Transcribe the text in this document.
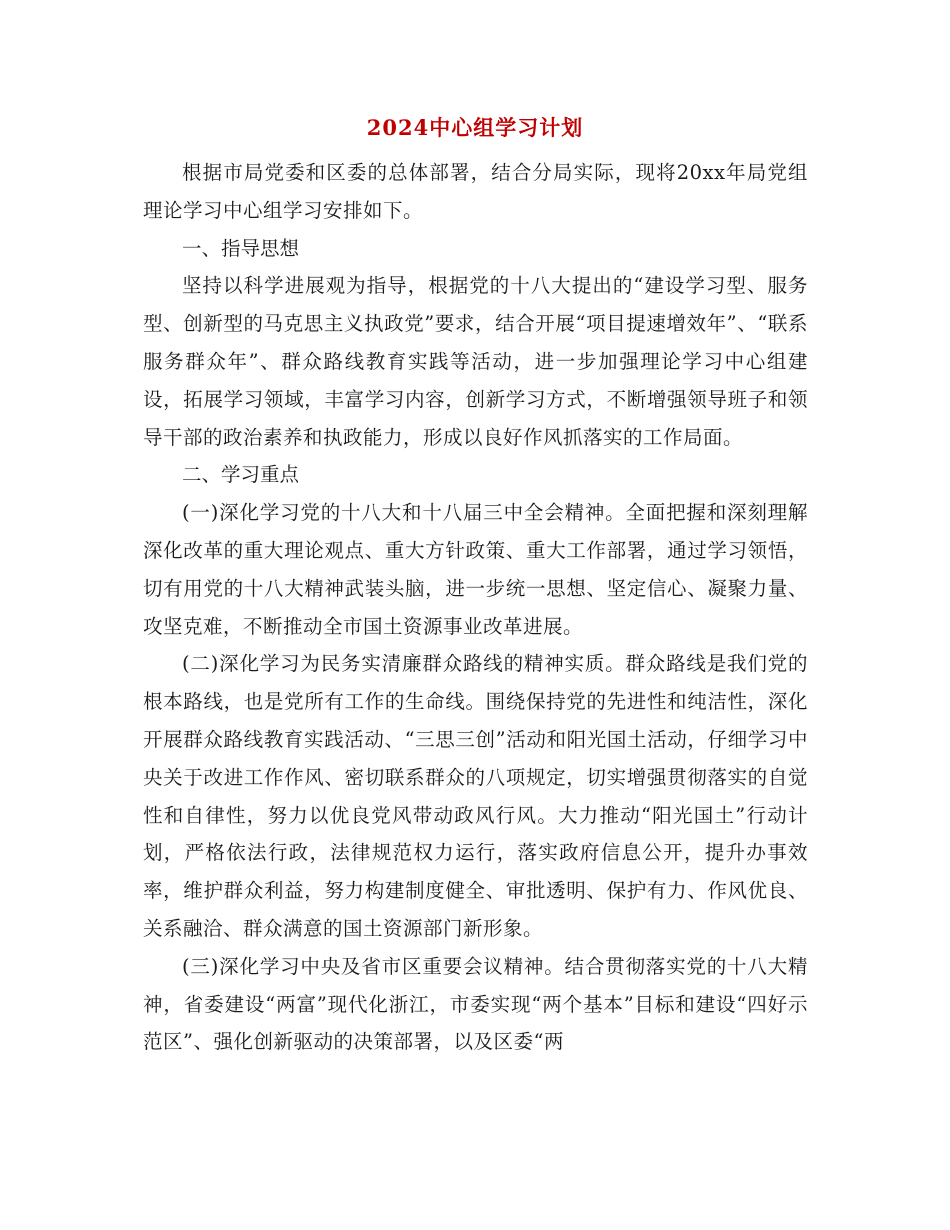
2024中心组学习计划

根据市局党委和区委的总体部署，结合分局实际，现将20xx年局党组理论学习中心组学习安排如下。

一、指导思想

坚持以科学进展观为指导，根据党的十八大提出的“建设学习型、服务型、创新型的马克思主义执政党”要求，结合开展“项目提速增效年”、“联系服务群众年”、群众路线教育实践等活动，进一步加强理论学习中心组建设，拓展学习领域，丰富学习内容，创新学习方式，不断增强领导班子和领导干部的政治素养和执政能力，形成以良好作风抓落实的工作局面。

二、学习重点

(一)深化学习党的十八大和十八届三中全会精神。全面把握和深刻理解深化改革的重大理论观点、重大方针政策、重大工作部署，通过学习领悟，切有用党的十八大精神武装头脑，进一步统一思想、坚定信心、凝聚力量、攻坚克难，不断推动全市国土资源事业改革进展。

(二)深化学习为民务实清廉群众路线的精神实质。群众路线是我们党的根本路线，也是党所有工作的生命线。围绕保持党的先进性和纯洁性，深化开展群众路线教育实践活动、“三思三创”活动和阳光国土活动，仔细学习中央关于改进工作作风、密切联系群众的八项规定，切实增强贯彻落实的自觉性和自律性，努力以优良党风带动政风行风。大力推动“阳光国土”行动计划，严格依法行政，法律规范权力运行，落实政府信息公开，提升办事效率，维护群众利益，努力构建制度健全、审批透明、保护有力、作风优良、关系融洽、群众满意的国土资源部门新形象。

(三)深化学习中央及省市区重要会议精神。结合贯彻落实党的十八大精神，省委建设“两富”现代化浙江，市委实现“两个基本”目标和建设“四好示范区”、强化创新驱动的决策部署，以及区委“两
